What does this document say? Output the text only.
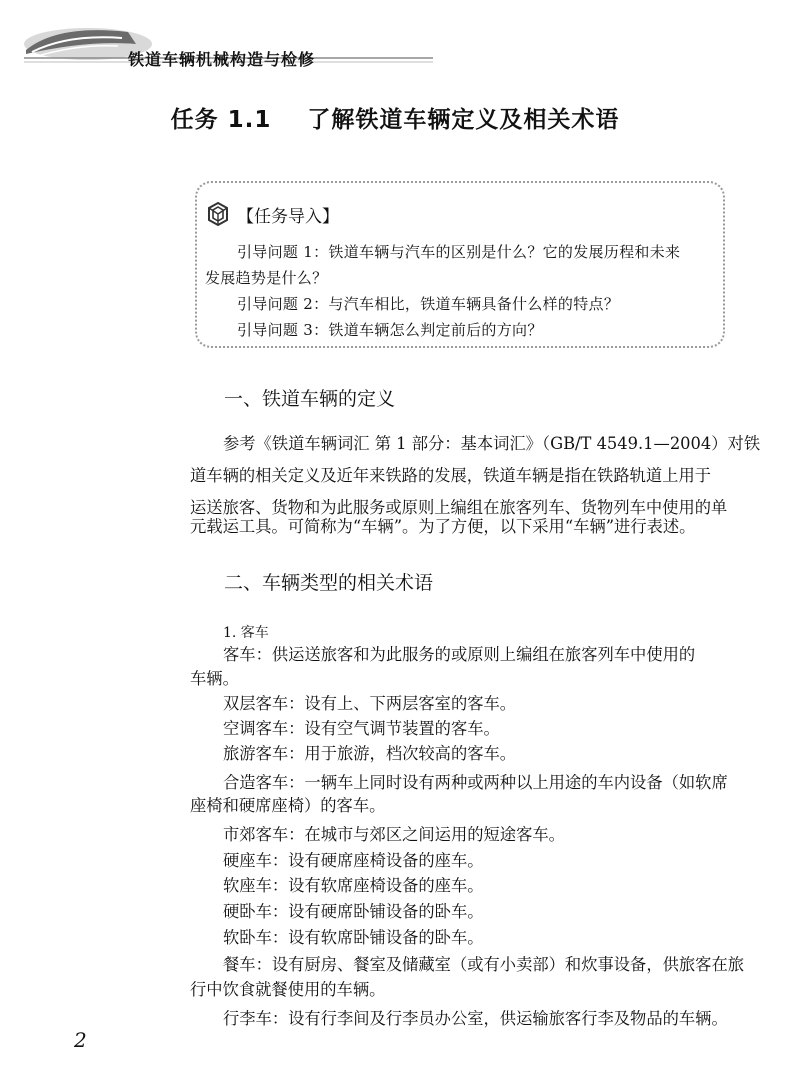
铁道车辆机械构造与检修
任务 1.1 了解铁道车辆定义及相关术语
【任务导入】
引导问题 1：铁道车辆与汽车的区别是什么？它的发展历程和未来
发展趋势是什么？
引导问题 2：与汽车相比，铁道车辆具备什么样的特点？
引导问题 3：铁道车辆怎么判定前后的方向？
一、铁道车辆的定义
参考《铁道车辆词汇 第 1 部分：基本词汇》（GB/T 4549.1—2004）对铁
道车辆的相关定义及近年来铁路的发展，铁道车辆是指在铁路轨道上用于
运送旅客、货物和为此服务或原则上编组在旅客列车、货物列车中使用的单
元载运工具。可简称为“车辆”。为了方便，以下采用“车辆”进行表述。
二、车辆类型的相关术语
1. 客车
客车：供运送旅客和为此服务的或原则上编组在旅客列车中使用的
车辆。
双层客车：设有上、下两层客室的客车。
空调客车：设有空气调节装置的客车。
旅游客车：用于旅游，档次较高的客车。
合造客车：一辆车上同时设有两种或两种以上用途的车内设备（如软席
座椅和硬席座椅）的客车。
市郊客车：在城市与郊区之间运用的短途客车。
硬座车：设有硬席座椅设备的座车。
软座车：设有软席座椅设备的座车。
硬卧车：设有硬席卧铺设备的卧车。
软卧车：设有软席卧铺设备的卧车。
餐车：设有厨房、餐室及储藏室（或有小卖部）和炊事设备，供旅客在旅
行中饮食就餐使用的车辆。
行李车：设有行李间及行李员办公室，供运输旅客行李及物品的车辆。
2
